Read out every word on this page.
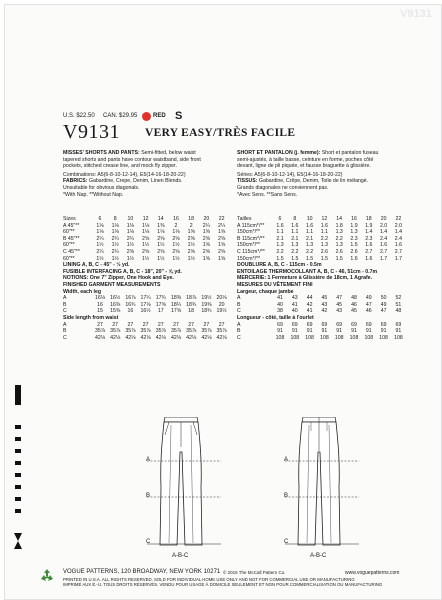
V9131
U.S. $22.50 CAN. $29.95	RED S
V9131 VERY EASY/TRÈS FACILE
MISSES' SHORTS AND PANTS: Semi-fitted, below waist
tapered shorts and pants have contour waistband, side front
pockets, stitched crease line, and mock fly zipper.
Combinations: A5(6-8-10-12-14), E5(14-16-18-20-22)
FABRICS: Gabardine, Crepe, Denim, Linen Blends.
Unsuitable for obvious diagonals.
*With Nap. **Without Nap.
Sizes	6	8	10	12	14	16	18	20	22
A 45"**	1⅛	1⅛	1⅛	1⅛	1⅜	2	2	2¼	2¼
60"**	1⅛	1⅛	1⅛	1⅛	1⅛	1⅛	1⅝	1⅝	1⅝
B 45"**	2¼	2¼	2¼	2⅝	2⅝	2⅝	2⅝	2⅝	2⅝
60"**	1½	1½	1½	1½	1½	1½	1½	1⅝	1⅝
C 45"**	2¼	2¼	2⅝	2⅝	2⅝	2⅝	2⅝	2⅝	2⅝
60"**	1½	1½	1½	1½	1½	1½	1½	1⅝	1⅝
LINING A, B, C - 45" - ½ yd.
FUSIBLE INTERFACING A, B, C - 18", 20" - ⅝ yd.
NOTIONS: One 7" Zipper, One Hook and Eye.
FINISHED GARMENT MEASUREMENTS
Width, each leg
A	16⅛ 16½ 16⅞ 17¼ 17¾ 18⅜ 18⅞ 19½ 20⅛
B	16	16⅜ 16¾ 17⅛ 17⅝ 18¼ 18¾ 19⅜	20
C	15	15⅜	16	16½	17	17⅝	18	18¾ 19½
Side length from waist
A	27	27	27	27	27	27	27	27	27
B	35⅞ 35⅞ 35⅞ 35⅞ 35⅞ 35⅞ 35⅞ 35⅞ 35⅞
C	42⅛ 42⅛ 42⅛ 42⅛ 42⅛ 42⅛ 42⅛ 42⅛ 42⅛
SHORT ET PANTALON (j. femme): Short et pantalon fuseau
semi-ajustés, à taille basse, ceinture en forme, poches côté
devant, ligne de pli piquée, et fausse braguette à glissière.
Séries: A5(6-8-10-12-14), E5(14-16-18-20-22)
TISSUS: Gabardine, Crêpe, Denim, Toile de lin mélangé.
Grands diagonales ne conviennent pas.
*Avec Sens. **Sans Sens.
Tailles	6	8	10	12	14	16	18	20	22
A 115cm*/**	1.6	1.6	1.6	1.6	1.8	1.9	1.9	2.0	2.0
150cm*/**	1.1	1.1	1.1	1.1	1.3	1.3	1.4	1.4	1.4
B 115cm*/**	2.1	2.1	2.1	2.2	2.2	2.3	2.3	2.4	2.4
150cm*/**	1.3	1.3	1.3	1.3	1.3	1.5	1.6	1.6	1.6
C 115cm*/**	2.2	2.2	2.2	2.6	2.6	2.6	2.7	2.7	2.7
150cm*/**	1.5	1.5	1.5	1.5	1.5	1.6	1.6	1.7	1.7
DOUBLURE A, B, C - 115cm - 0.5m
ENTOILAGE THERMOCOLLANT A, B, C - 46, 51cm - 0.7m
MERCERIE: 1 Fermeture à Glissière de 18cm, 1 Agrafe.
MESURES DU VÊTEMENT FINI
Largeur, chaque jambe
A	41	43	44	45	47	48	49	50	52
B	40	41	42	43	45	46	47	49	51
C	38	40	41	42	43	45	46	47	48
Longueur - côté, taille à l'ourlet
A	69	69	69	69	69	69	69	69	69
B	91	91	91	91	91	91	91	91	91
C	108	108	108	108	108	108	108	108	108
A
B
C
A-B-C
A
B
C
A-B-C
VOGUE PATTERNS, 120 BROADWAY, NEW YORK 10271 © 2015 The McCall Pattern Co.	www.voguepatterns.com
PRINTED IN U.S.A. ALL RIGHTS RESERVED. SOLD FOR INDIVIDUAL HOME USE ONLY AND NOT FOR COMMERCIAL USE OR MANUFACTURING
IMPRIMÉ AUX É.-U. TOUS DROITS RÉSERVÉS. VENDU POUR USAGE À DOMICILE SEULEMENT ET NON POUR COMMERCIALISATION OU MANUFACTURING
